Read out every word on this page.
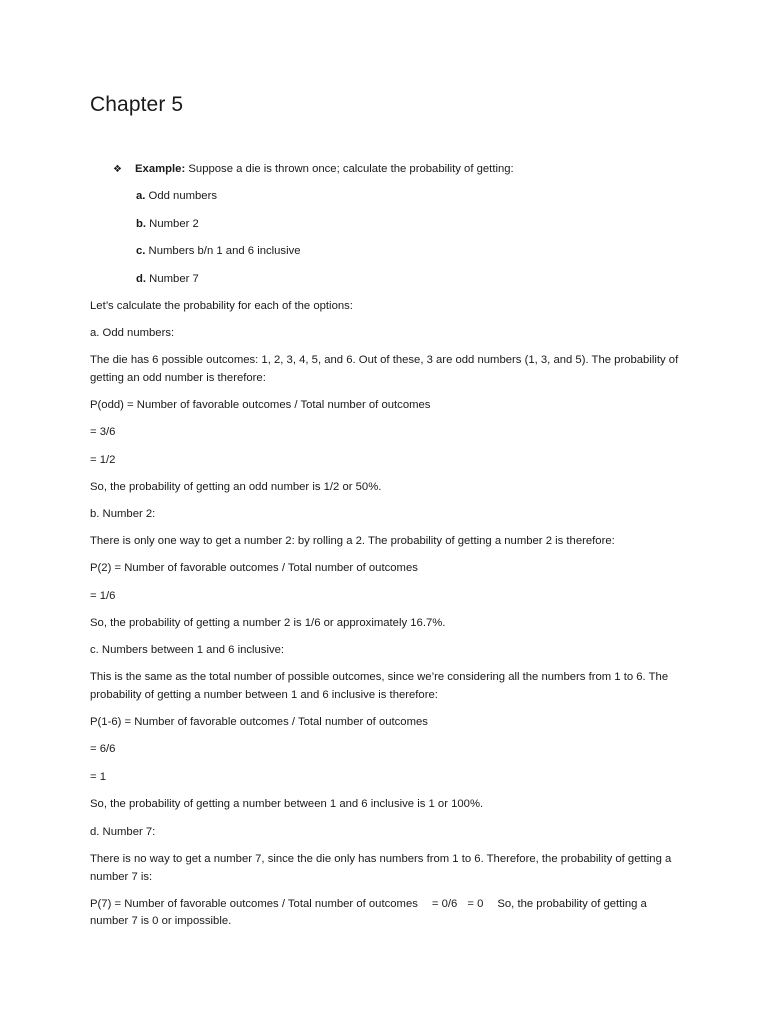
Chapter 5
❖ Example: Suppose a die is thrown once; calculate the probability of getting:
a. Odd numbers
b. Number 2
c. Numbers b/n 1 and 6 inclusive
d. Number 7

Let’s calculate the probability for each of the options:

a. Odd numbers:

The die has 6 possible outcomes: 1, 2, 3, 4, 5, and 6. Out of these, 3 are odd numbers (1, 3, and 5). The probability of getting an odd number is therefore:

P(odd) = Number of favorable outcomes / Total number of outcomes

= 3/6

= 1/2

So, the probability of getting an odd number is 1/2 or 50%.

b. Number 2:

There is only one way to get a number 2: by rolling a 2. The probability of getting a number 2 is therefore:

P(2) = Number of favorable outcomes / Total number of outcomes

= 1/6

So, the probability of getting a number 2 is 1/6 or approximately 16.7%.

c. Numbers between 1 and 6 inclusive:

This is the same as the total number of possible outcomes, since we’re considering all the numbers from 1 to 6. The probability of getting a number between 1 and 6 inclusive is therefore:

P(1-6) = Number of favorable outcomes / Total number of outcomes

= 6/6

= 1

So, the probability of getting a number between 1 and 6 inclusive is 1 or 100%.

d. Number 7:

There is no way to get a number 7, since the die only has numbers from 1 to 6. Therefore, the probability of getting a number 7 is:

P(7) = Number of favorable outcomes / Total number of outcomes = 0/6 = 0 So, the probability of getting a

number 7 is 0 or impossible.
